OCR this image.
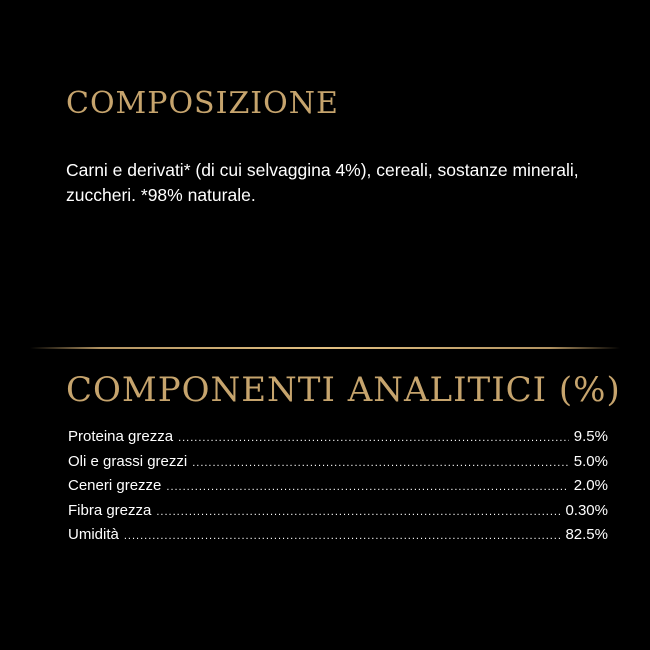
COMPOSIZIONE

Carni e derivati* (di cui selvaggina 4%), cereali, sostanze minerali, zuccheri. *98% naturale.

COMPONENTI ANALITICI (%)
Proteina grezza .....	9.5%
Oli e grassi grezzi .....	5.0%
Ceneri grezze .....	2.0%
Fibra grezza .....	0.30%
Umidità .....	82.5%
